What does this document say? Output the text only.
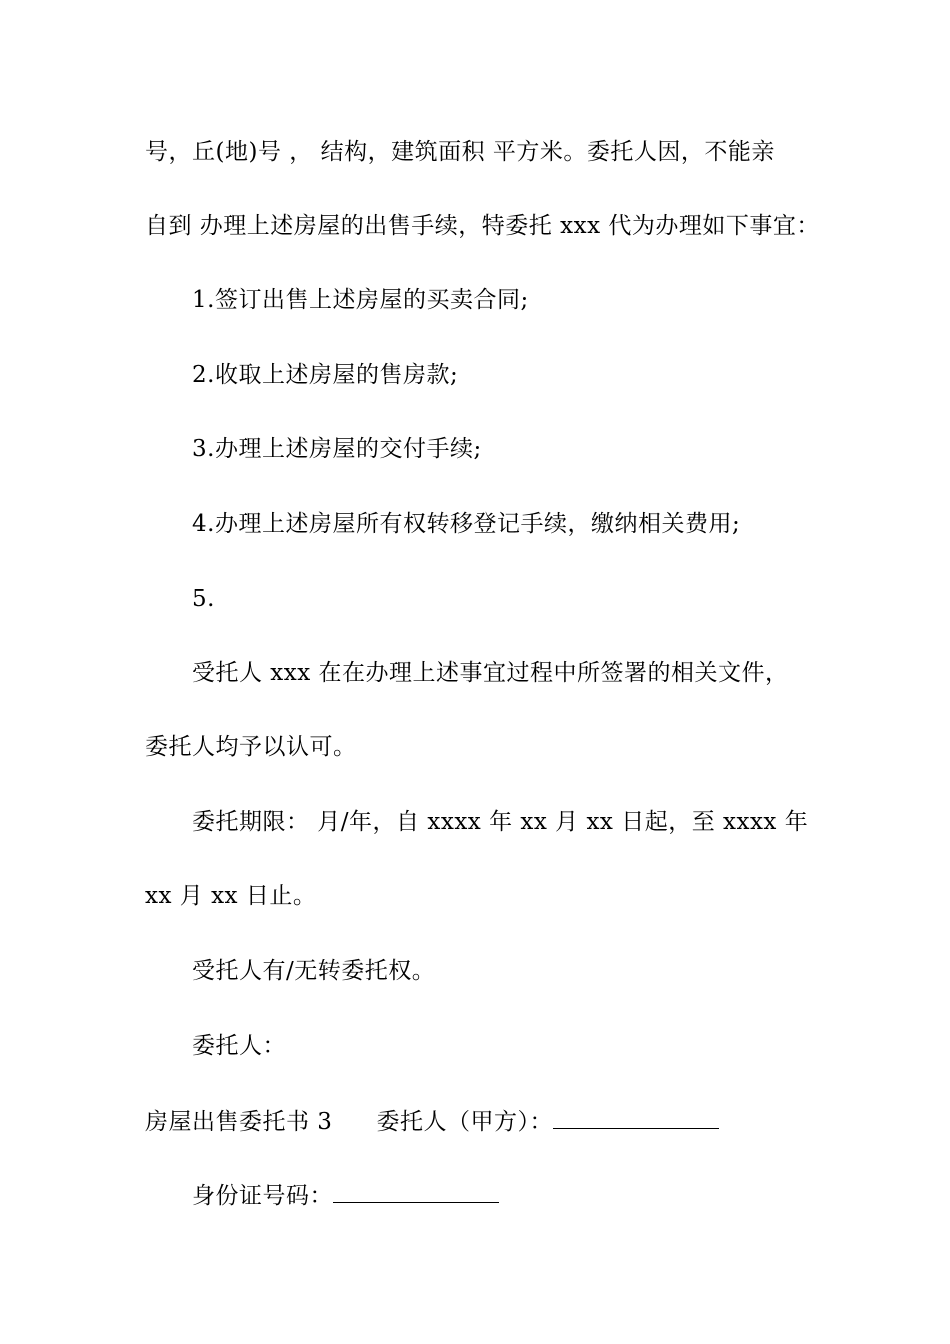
号，丘(地)号 ， 结构，建筑面积 平方米。委托人因，不能亲
自到 办理上述房屋的出售手续，特委托 xxx 代为办理如下事宜：
1.签订出售上述房屋的买卖合同;
2.收取上述房屋的售房款;
3.办理上述房屋的交付手续;
4.办理上述房屋所有权转移登记手续，缴纳相关费用;
5.
受托人 xxx 在在办理上述事宜过程中所签署的相关文件，
委托人均予以认可。
委托期限： 月/年，自 xxxx 年 xx 月 xx 日起，至 xxxx 年
xx 月 xx 日止。
受托人有/无转委托权。
委托人：
房屋出售委托书 3 委托人（甲方）：
身份证号码：
